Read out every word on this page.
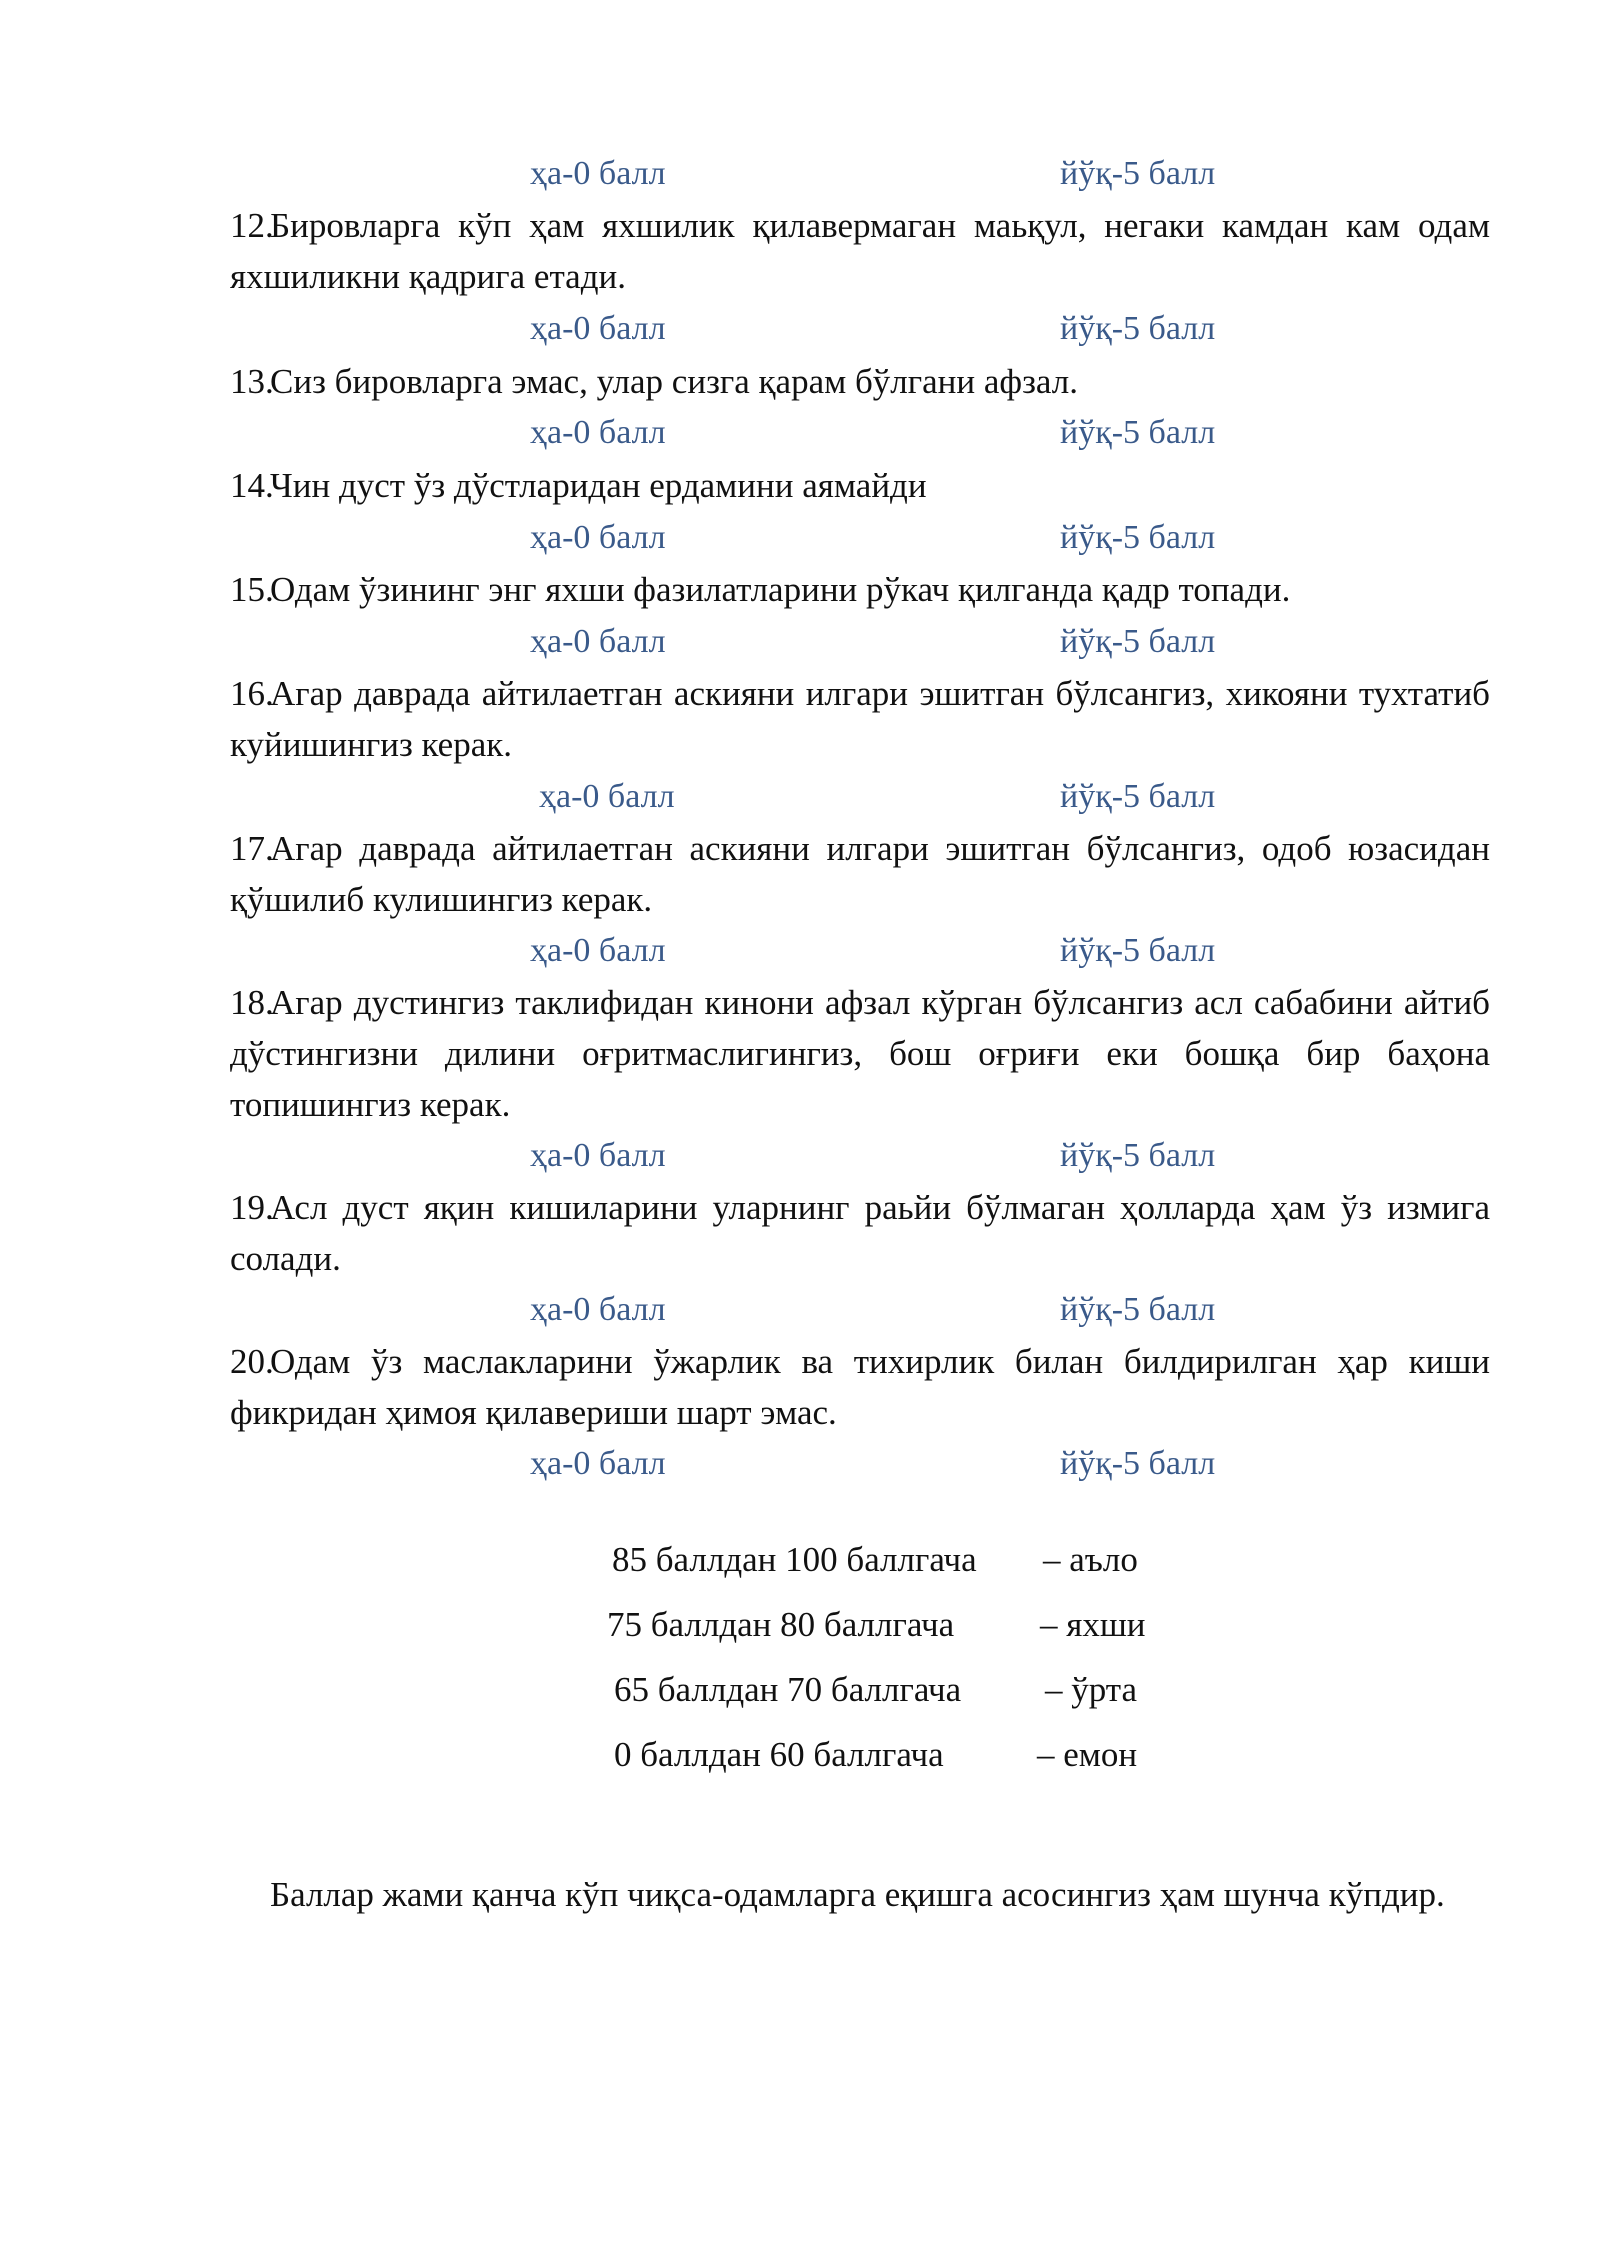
ҳа-0 балл	йўқ-5 балл
12.Бировларга кўп ҳам яхшилик қилавермаган маьқул, негаки камдан кам одам яхшиликни қадрига етади.
ҳа-0 балл	йўқ-5 балл
13.Сиз бировларга эмас, улар сизга қарам бўлгани афзал.
ҳа-0 балл	йўқ-5 балл
14.Чин дуст ўз дўстларидан ердамини аямайди
ҳа-0 балл	йўқ-5 балл
15.Одам ўзининг энг яхши фазилатларини рўкач қилганда қадр топади.
ҳа-0 балл	йўқ-5 балл
16.Агар даврада айтилаетган аскияни илгари эшитган бўлсангиз, хикояни тухтатиб куйишингиз керак.
ҳа-0 балл	йўқ-5 балл
17.Агар даврада айтилаетган аскияни илгари эшитган бўлсангиз, одоб юзасидан қўшилиб кулишингиз керак.
ҳа-0 балл	йўқ-5 балл
18.Агар дустингиз таклифидан кинони афзал кўрган бўлсангиз асл сабабини айтиб дўстингизни дилини оғритмаслигингиз, бош оғриғи еки бошқа бир баҳона топишингиз керак.
ҳа-0 балл	йўқ-5 балл
19.Асл дуст яқин кишиларини уларнинг раьйи бўлмаган ҳолларда ҳам ўз измига солади.
ҳа-0 балл	йўқ-5 балл
20.Одам ўз маслакларини ўжарлик ва тихирлик билан билдирилган ҳар киши фикридан ҳимоя қилавериши шарт эмас.
ҳа-0 балл	йўқ-5 балл
85 баллдан 100 баллгача – аъло
75 баллдан 80 баллгача – яхши
65 баллдан 70 баллгача – ўрта
0 баллдан 60 баллгача	– емон
Баллар жами қанча кўп чиқса-одамларга еқишга асосингиз ҳам шунча кўпдир.
